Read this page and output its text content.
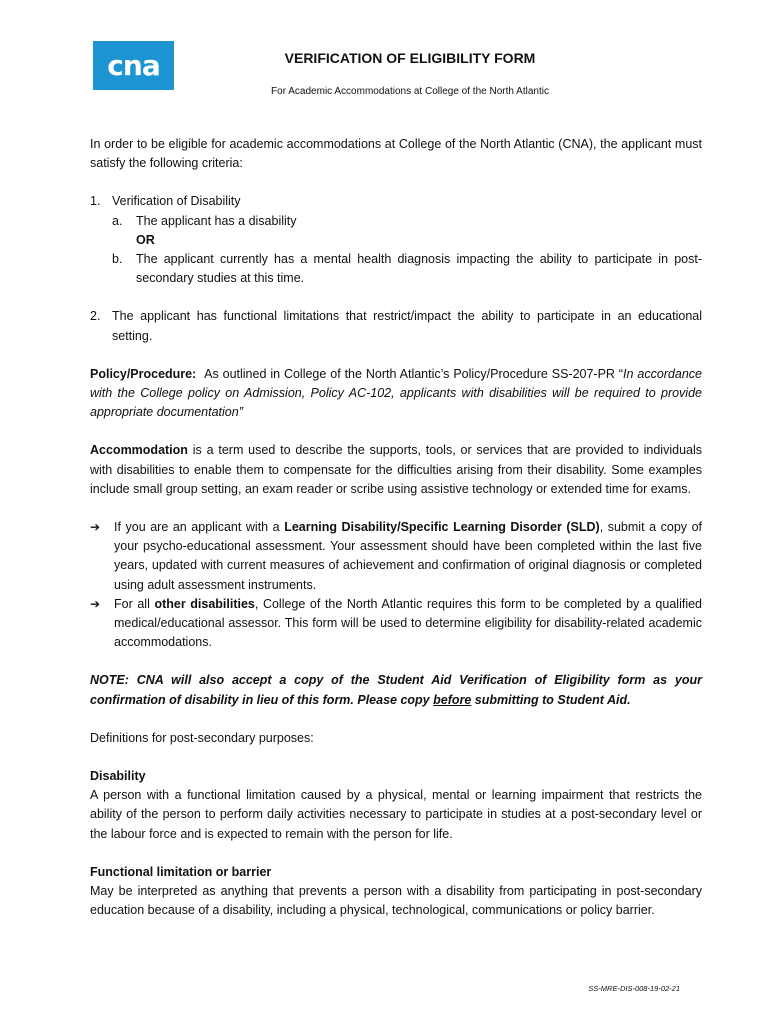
cna	VERIFICATION OF ELIGIBILITY FORM
For Academic Accommodations at College of the North Atlantic

In order to be eligible for academic accommodations at College of the North Atlantic (CNA), the applicant must satisfy the following criteria:

1. Verification of Disability
a. The applicant has a disability
OR
b. The applicant currently has a mental health diagnosis impacting the ability to participate in post-secondary studies at this time.
2. The applicant has functional limitations that restrict/impact the ability to participate in an educational setting.

Policy/Procedure: As outlined in College of the North Atlantic’s Policy/Procedure SS-207-PR “In accordance with the College policy on Admission, Policy AC-102, applicants with disabilities will be required to provide appropriate documentation”

Accommodation is a term used to describe the supports, tools, or services that are provided to individuals with disabilities to enable them to compensate for the difficulties arising from their disability. Some examples include small group setting, an exam reader or scribe using assistive technology or extended time for exams.

➔ If you are an applicant with a Learning Disability/Specific Learning Disorder (SLD), submit a copy of your psycho-educational assessment. Your assessment should have been completed within the last five years, updated with current measures of achievement and confirmation of original diagnosis or completed using adult assessment instruments.
➔ For all other disabilities, College of the North Atlantic requires this form to be completed by a qualified medical/educational assessor. This form will be used to determine eligibility for disability-related academic accommodations.

NOTE: CNA will also accept a copy of the Student Aid Verification of Eligibility form as your confirmation of disability in lieu of this form. Please copy before submitting to Student Aid.

Definitions for post-secondary purposes:

Disability

A person with a functional limitation caused by a physical, mental or learning impairment that restricts the ability of the person to perform daily activities necessary to participate in studies at a post-secondary level or the labour force and is expected to remain with the person for life.

Functional limitation or barrier

May be interpreted as anything that prevents a person with a disability from participating in post-secondary education because of a disability, including a physical, technological, communications or policy barrier.

SS-MRE-DIS-008-19-02-21
